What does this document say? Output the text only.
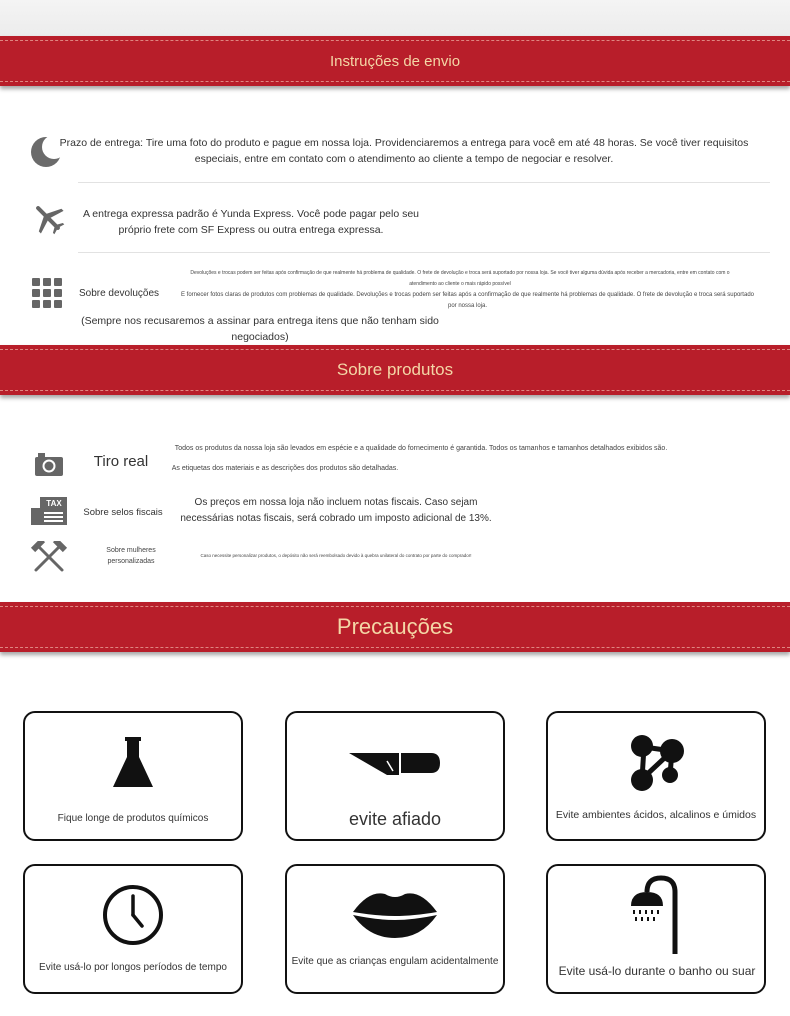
Instruções de envio
Prazo de entrega: Tire uma foto do produto e pague em nossa loja. Providenciaremos a entrega para você em até 48 horas. Se você tiver requisitos especiais, entre em contato com o atendimento ao cliente a tempo de negociar e resolver.
A entrega expressa padrão é Yunda Express. Você pode pagar pelo seu próprio frete com SF Express ou outra entrega expressa.
Sobre devoluções
Devoluções e trocas podem ser feitas após confirmação de que realmente há problema de qualidade. O frete de devolução e troca será suportado por nossa loja. Se você tiver alguma dúvida após receber a mercadoria, entre em contato com o atendimento ao cliente o mais rápido possível
E fornecer fotos claras de produtos com problemas de qualidade. Devoluções e trocas podem ser feitas após a confirmação de que realmente há problemas de qualidade. O frete de devolução e troca será suportado por nossa loja.
(Sempre nos recusaremos a assinar para entrega itens que não tenham sido negociados)
Sobre produtos
Tiro real
Todos os produtos da nossa loja são levados em espécie e a qualidade do fornecimento é garantida. Todos os tamanhos e tamanhos detalhados exibidos são.
As etiquetas dos materiais e as descrições dos produtos são detalhadas.
TAX
Sobre selos fiscais
Os preços em nossa loja não incluem notas fiscais. Caso sejam necessárias notas fiscais, será cobrado um imposto adicional de 13%.
Sobre mulheres personalizadas
Caso necessite personalizar produtos, o depósito não será reembolsado devido à quebra unilateral do contrato por parte do comprador!
Precauções
Fique longe de produtos químicos	evite afiado	Evite ambientes ácidos, alcalinos e úmidos
Evite usá-lo por longos períodos de tempo
Evite que as crianças engulam acidentalmente
Evite usá-lo durante o banho ou suar
